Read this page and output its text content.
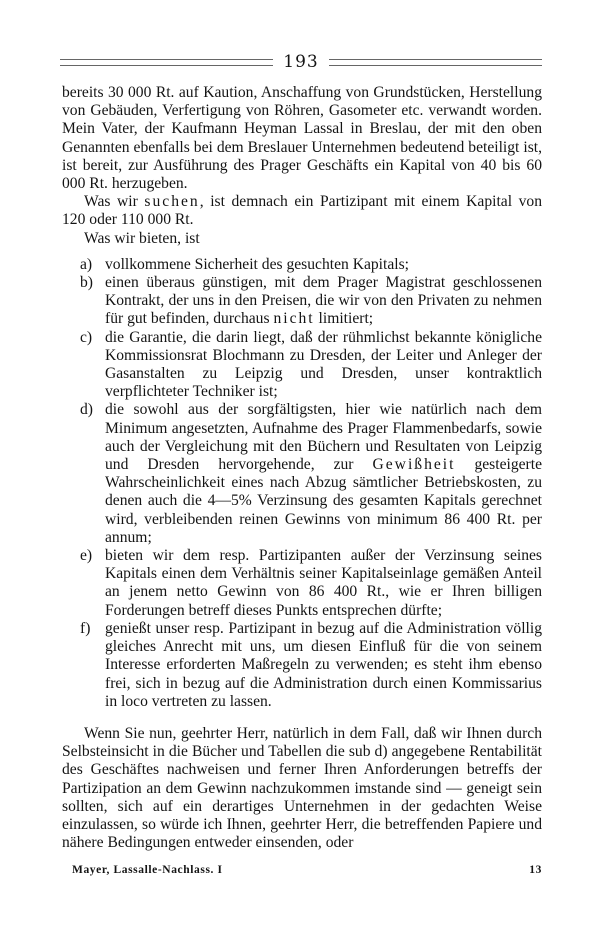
193

bereits 30 000 Rt. auf Kaution, Anschaffung von Grundstücken, Herstellung von Gebäuden, Verfertigung von Röhren, Gasometer etc. verwandt worden. Mein Vater, der Kaufmann Heyman Lassal in Breslau, der mit den oben Genannten ebenfalls bei dem Breslauer Unternehmen bedeutend beteiligt ist, ist bereit, zur Ausführung des Prager Geschäfts ein Kapital von 40 bis 60 000 Rt. herzugeben.

Was wir suchen, ist demnach ein Partizipant mit einem Kapital von 120 oder 110 000 Rt.

Was wir bieten, ist

a) vollkommene Sicherheit des gesuchten Kapitals;
b) einen überaus günstigen, mit dem Prager Magistrat geschlossenen Kontrakt, der uns in den Preisen, die wir von den Privaten zu nehmen für gut befinden, durchaus nicht limitiert;
c) die Garantie, die darin liegt, daß der rühmlichst bekannte königliche Kommissionsrat Blochmann zu Dresden, der Leiter und Anleger der Gasanstalten zu Leipzig und Dresden, unser kontraktlich verpflichteter Techniker ist;
d) die sowohl aus der sorgfältigsten, hier wie natürlich nach dem Minimum angesetzten, Aufnahme des Prager Flammenbedarfs, sowie auch der Vergleichung mit den Büchern und Resultaten von Leipzig und Dresden hervorgehende, zur Gewißheit gesteigerte Wahrscheinlichkeit eines nach Abzug sämtlicher Betriebskosten, zu denen auch die 4—5% Verzinsung des gesamten Kapitals gerechnet wird, verbleibenden reinen Gewinns von minimum 86 400 Rt. per annum;
e) bieten wir dem resp. Partizipanten außer der Verzinsung seines Kapitals einen dem Verhältnis seiner Kapitalseinlage gemäßen Anteil an jenem netto Gewinn von 86 400 Rt., wie er Ihren billigen Forderungen betreff dieses Punkts entsprechen dürfte;
f) genießt unser resp. Partizipant in bezug auf die Administration völlig gleiches Anrecht mit uns, um diesen Einfluß für die von seinem Interesse erforderten Maßregeln zu verwenden; es steht ihm ebenso frei, sich in bezug auf die Administration durch einen Kommissarius in loco vertreten zu lassen.

Wenn Sie nun, geehrter Herr, natürlich in dem Fall, daß wir Ihnen durch Selbsteinsicht in die Bücher und Tabellen die sub d) angegebene Rentabilität des Geschäftes nachweisen und ferner Ihren Anforderungen betreffs der Partizipation an dem Gewinn nachzukommen imstande sind — geneigt sein sollten, sich auf ein derartiges Unternehmen in der gedachten Weise einzulassen, so würde ich Ihnen, geehrter Herr, die betreffenden Papiere und nähere Bedingungen entweder einsenden, oder

Mayer, Lassalle-Nachlass. I	13
